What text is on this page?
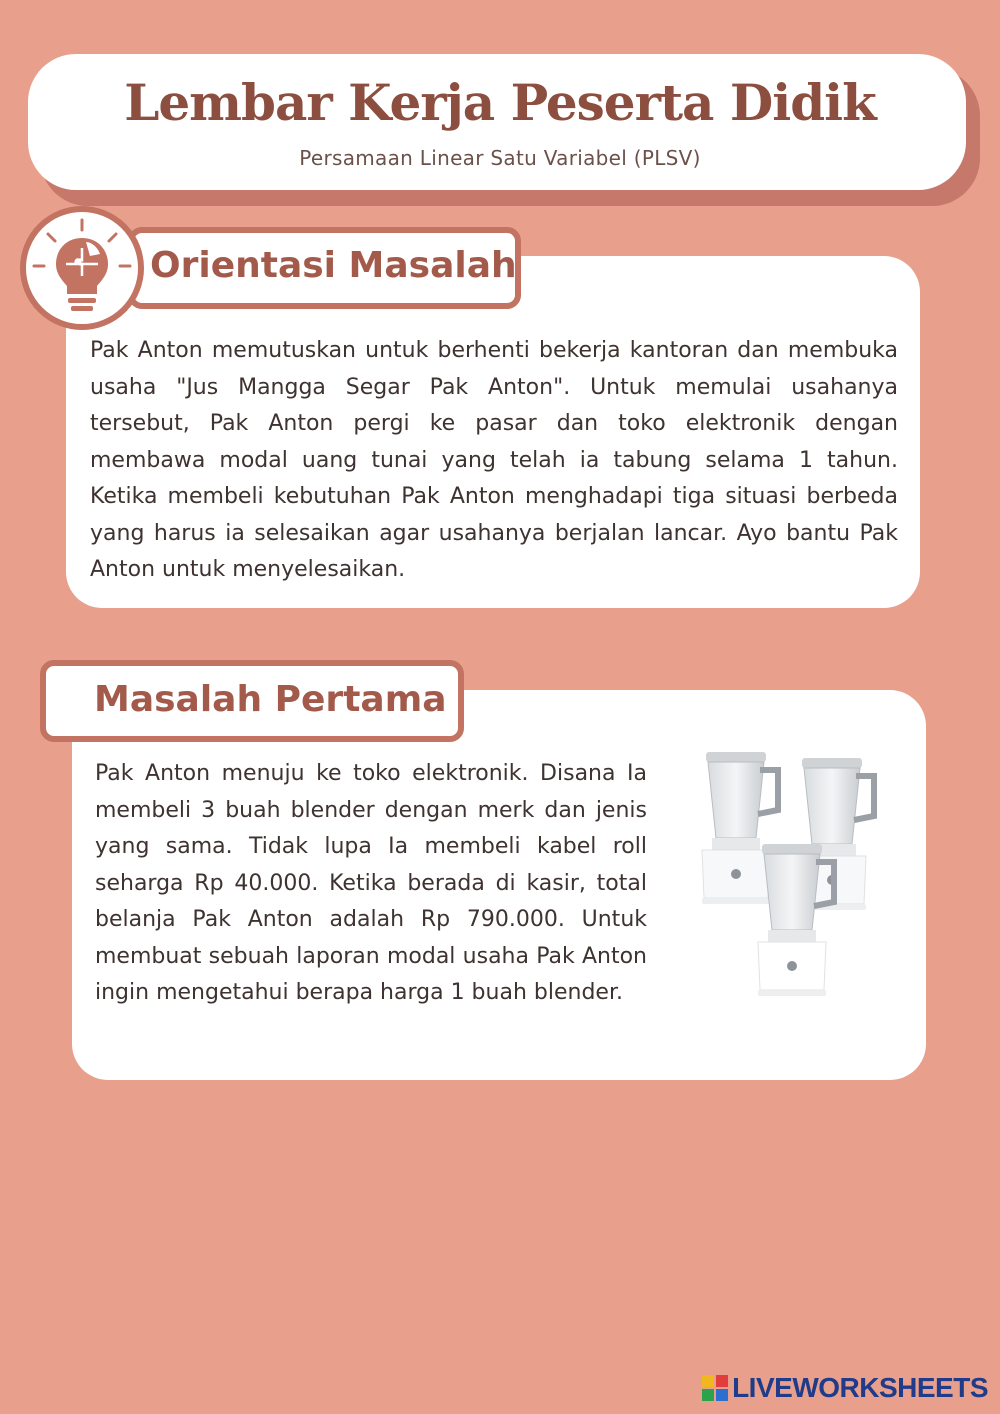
Lembar Kerja Peserta Didik
Persamaan Linear Satu Variabel (PLSV)
Orientasi Masalah
Pak Anton memutuskan untuk berhenti bekerja kantoran dan membuka usaha "Jus Mangga Segar Pak Anton". Untuk memulai usahanya tersebut, Pak Anton pergi ke pasar dan toko elektronik dengan membawa modal uang tunai yang telah ia tabung selama 1 tahun. Ketika membeli kebutuhan Pak Anton menghadapi tiga situasi berbeda yang harus ia selesaikan agar usahanya berjalan lancar. Ayo bantu Pak Anton untuk menyelesaikan.
Masalah Pertama
Pak Anton menuju ke toko elektronik. Disana Ia membeli 3 buah blender dengan merk dan jenis yang sama. Tidak lupa Ia membeli kabel roll seharga Rp 40.000. Ketika berada di kasir, total belanja Pak Anton adalah Rp 790.000. Untuk membuat sebuah laporan modal usaha Pak Anton ingin mengetahui berapa harga 1 buah blender.
LIVEWORKSHEETS
